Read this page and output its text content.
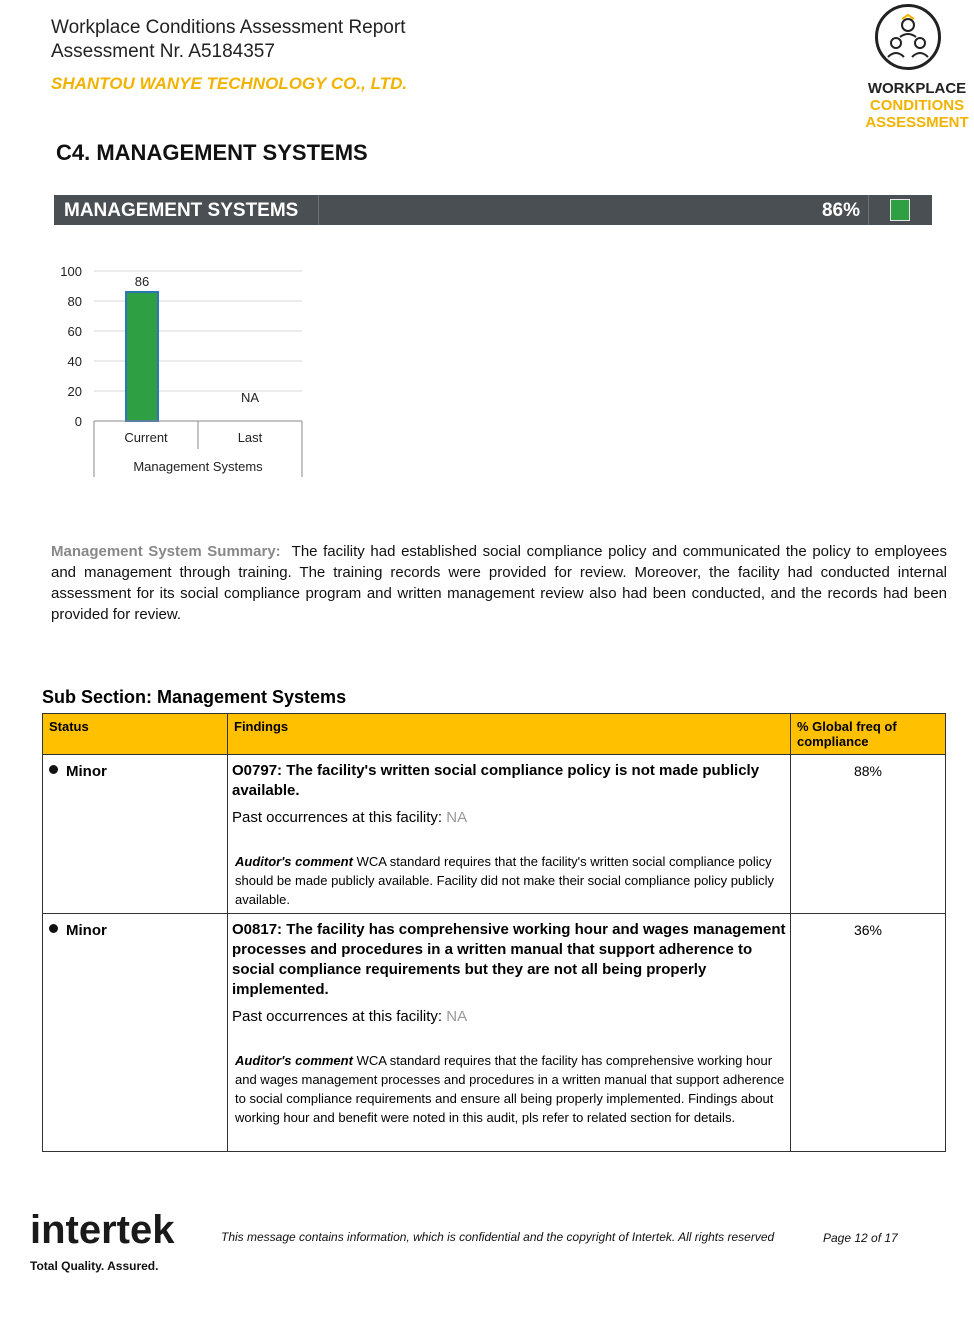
Workplace Conditions Assessment Report
Assessment Nr. A5184357
SHANTOU WANYE TECHNOLOGY CO., LTD.	WORKPLACE
CONDITIONS
ASSESSMENT
C4. MANAGEMENT SYSTEMS
MANAGEMENT SYSTEMS	86%
100
80
60
40
20
0
86
NA
Current	Last
Management Systems
Management System Summary: The facility had established social compliance policy and communicated the policy to employees and management through training. The training records were provided for review. Moreover, the facility had conducted internal assessment for its social compliance program and written management review also had been conducted, and the records had been provided for review.
Sub Section: Management Systems
Status	Findings	% Global freq of compliance
Minor	O0797: The facility's written social compliance policy is not made publicly available.
Past occurrences at this facility: NA
Auditor's comment WCA standard requires that the facility's written social compliance policy should be made publicly available. Facility did not make their social compliance policy publicly available.	88%
Minor	O0817: The facility has comprehensive working hour and wages management processes and procedures in a written manual that support adherence to social compliance requirements but they are not all being properly implemented.
Past occurrences at this facility: NA
Auditor's comment WCA standard requires that the facility has comprehensive working hour and wages management processes and procedures in a written manual that support adherence to social compliance requirements and ensure all being properly implemented. Findings about working hour and benefit were noted in this audit, pls refer to related section for details.	36%
intertek
Total Quality. Assured.
This message contains information, which is confidential and the copyright of Intertek. All rights reserved	Page 12 of 17
